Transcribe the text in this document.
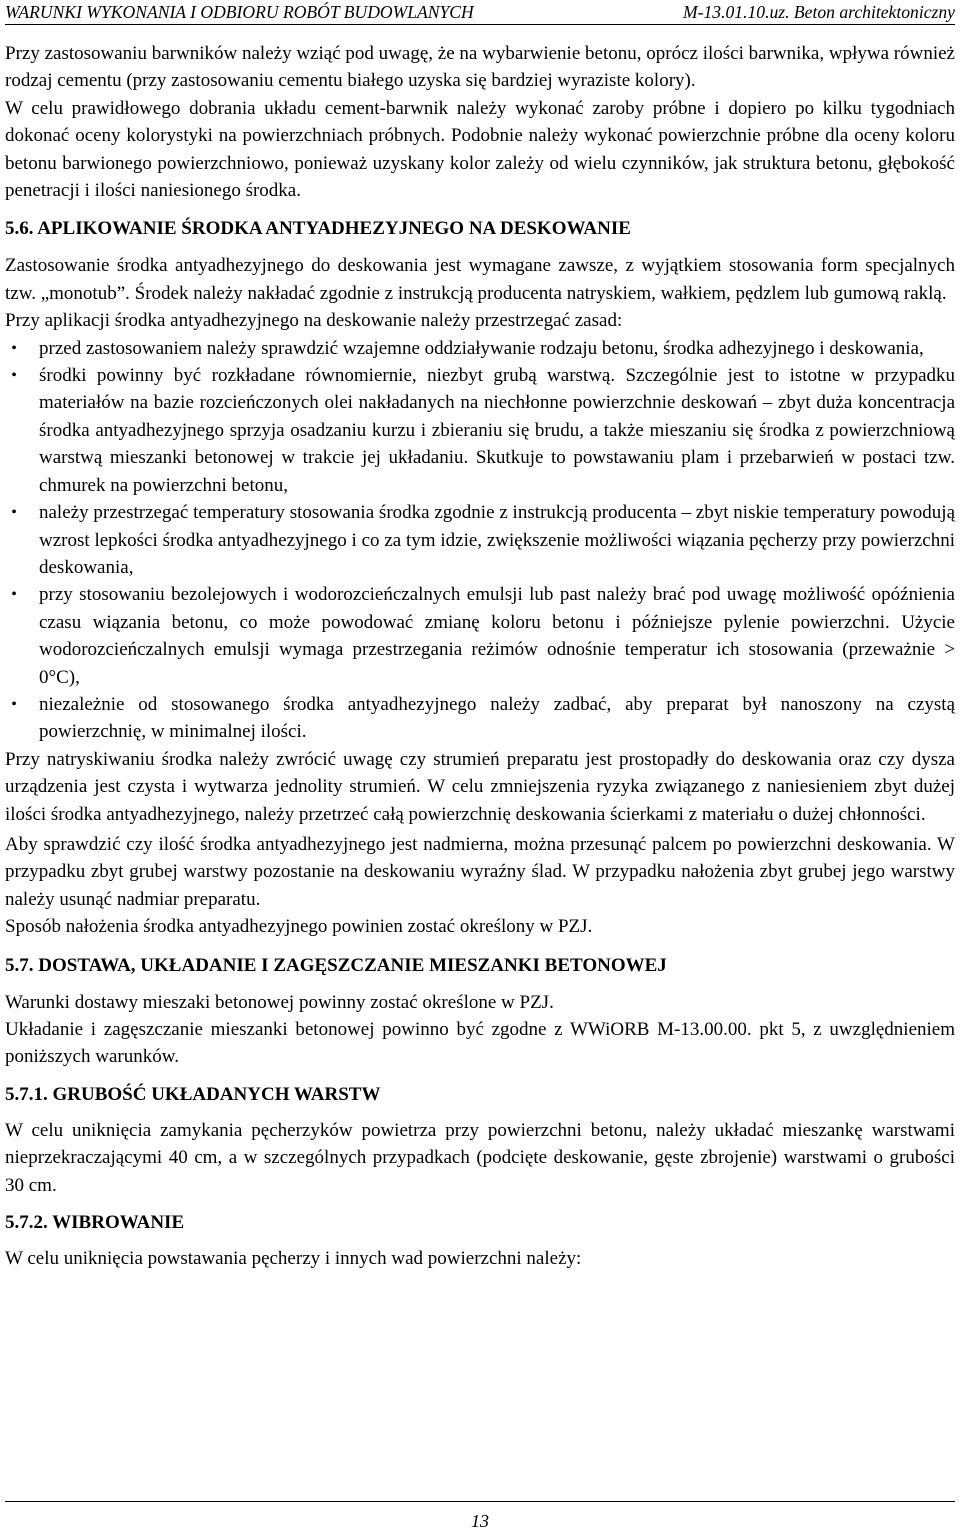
WARUNKI WYKONANIA I ODBIORU ROBÓT BUDOWLANYCH	M-13.01.10.uz. Beton architektoniczny

Przy zastosowaniu barwników należy wziąć pod uwagę, że na wybarwienie betonu, oprócz ilości barwnika, wpływa również rodzaj cementu (przy zastosowaniu cementu białego uzyska się bardziej wyraziste kolory).

W celu prawidłowego dobrania układu cement-barwnik należy wykonać zaroby próbne i dopiero po kilku tygodniach dokonać oceny kolorystyki na powierzchniach próbnych. Podobnie należy wykonać powierzchnie próbne dla oceny koloru betonu barwionego powierzchniowo, ponieważ uzyskany kolor zależy od wielu czynników, jak struktura betonu, głębokość penetracji i ilości naniesionego środka.

5.6. APLIKOWANIE ŚRODKA ANTYADHEZYJNEGO NA DESKOWANIE

Zastosowanie środka antyadhezyjnego do deskowania jest wymagane zawsze, z wyjątkiem stosowania form specjalnych tzw. „monotub”. Środek należy nakładać zgodnie z instrukcją producenta natryskiem, wałkiem, pędzlem lub gumową raklą.

Przy aplikacji środka antyadhezyjnego na deskowanie należy przestrzegać zasad:

• przed zastosowaniem należy sprawdzić wzajemne oddziaływanie rodzaju betonu, środka adhezyjnego i deskowania,
• środki powinny być rozkładane równomiernie, niezbyt grubą warstwą. Szczególnie jest to istotne w przypadku materiałów na bazie rozcieńczonych olei nakładanych na niechłonne powierzchnie deskowań – zbyt duża koncentracja środka antyadhezyjnego sprzyja osadzaniu kurzu i zbieraniu się brudu, a także mieszaniu się środka z powierzchniową warstwą mieszanki betonowej w trakcie jej układaniu. Skutkuje to powstawaniu plam i przebarwień w postaci tzw. chmurek na powierzchni betonu,
• należy przestrzegać temperatury stosowania środka zgodnie z instrukcją producenta – zbyt niskie temperatury powodują wzrost lepkości środka antyadhezyjnego i co za tym idzie, zwiększenie możliwości wiązania pęcherzy przy powierzchni deskowania,
• przy stosowaniu bezolejowych i wodorozcieńczalnych emulsji lub past należy brać pod uwagę możliwość opóźnienia czasu wiązania betonu, co może powodować zmianę koloru betonu i późniejsze pylenie powierzchni. Użycie wodorozcieńczalnych emulsji wymaga przestrzegania reżimów odnośnie temperatur ich stosowania (przeważnie > 0°C),
• niezależnie od stosowanego środka antyadhezyjnego należy zadbać, aby preparat był nanoszony na czystą powierzchnię, w minimalnej ilości.

Przy natryskiwaniu środka należy zwrócić uwagę czy strumień preparatu jest prostopadły do deskowania oraz czy dysza urządzenia jest czysta i wytwarza jednolity strumień. W celu zmniejszenia ryzyka związanego z naniesieniem zbyt dużej ilości środka antyadhezyjnego, należy przetrzeć całą powierzchnię deskowania ścierkami z materiału o dużej chłonności.

Aby sprawdzić czy ilość środka antyadhezyjnego jest nadmierna, można przesunąć palcem po powierzchni deskowania. W przypadku zbyt grubej warstwy pozostanie na deskowaniu wyraźny ślad. W przypadku nałożenia zbyt grubej jego warstwy należy usunąć nadmiar preparatu.

Sposób nałożenia środka antyadhezyjnego powinien zostać określony w PZJ.

5.7. DOSTAWA, UKŁADANIE I ZAGĘSZCZANIE MIESZANKI BETONOWEJ

Warunki dostawy mieszaki betonowej powinny zostać określone w PZJ.

Układanie i zagęszczanie mieszanki betonowej powinno być zgodne z WWiORB M-13.00.00. pkt 5, z uwzględnieniem poniższych warunków.

5.7.1. GRUBOŚĆ UKŁADANYCH WARSTW

W celu uniknięcia zamykania pęcherzyków powietrza przy powierzchni betonu, należy układać mieszankę warstwami nieprzekraczającymi 40 cm, a w szczególnych przypadkach (podcięte deskowanie, gęste zbrojenie) warstwami o grubości 30 cm.

5.7.2. WIBROWANIE

W celu uniknięcia powstawania pęcherzy i innych wad powierzchni należy:

13
